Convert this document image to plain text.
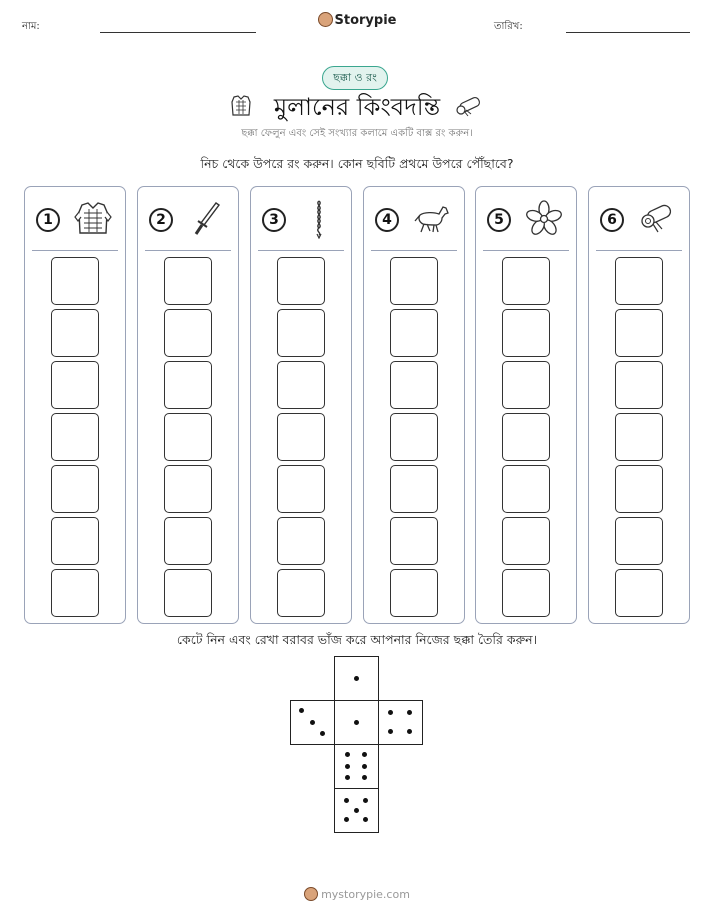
নাম:	Storypie	তারিখ:
ছক্কা ও রং
মুলানের কিংবদন্তি
ছক্কা ফেলুন এবং সেই সংখ্যার কলামে একটি বাক্স রং করুন।
নিচ থেকে উপরে রং করুন। কোন ছবিটি প্রথমে উপরে পৌঁছাবে?
1	2	3	4	5	6
কেটে নিন এবং রেখা বরাবর ভাঁজ করে আপনার নিজের ছক্কা তৈরি করুন।
mystorypie.com
